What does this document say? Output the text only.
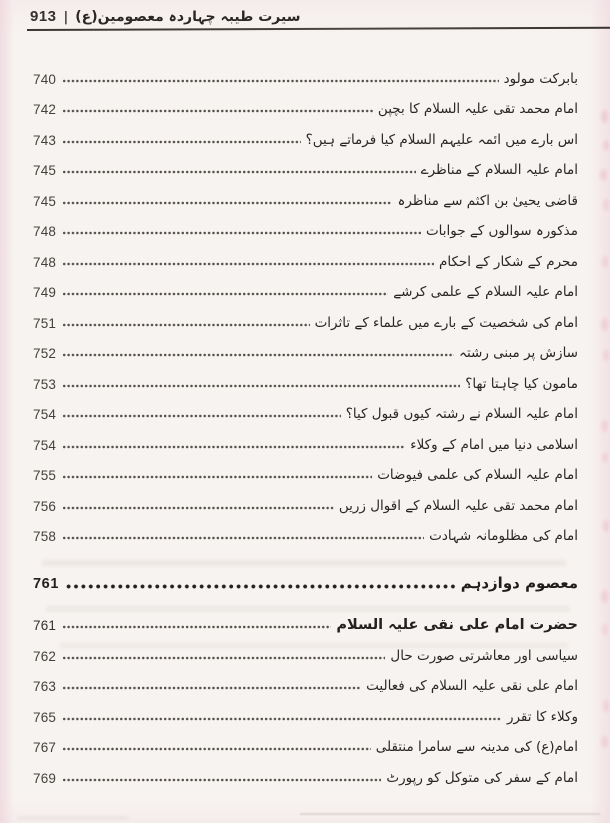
سیرت طیبہ چہاردہ معصومین(ع)
|
913
بابرکت مولود
740
امام محمد تقی علیہ السلام کا بچپن
742
اس بارے میں ائمہ علیہم السلام کیا فرماتے ہیں؟
743
امام علیہ السلام کے مناظرے
745
قاضی یحییٰ بن اکثم سے مناظرہ
745
مذکورہ سوالوں کے جوابات
748
محرم کے شکار کے احکام
748
امام علیہ السلام کے علمی کرشے
749
امام کی شخصیت کے بارے میں علماء کے تاثرات
751
سازش پر مبنی رشتہ
752
مامون کیا چاہتا تھا؟
753
امام علیہ السلام نے رشتہ کیوں قبول کیا؟
754
اسلامی دنیا میں امام کے وکلاء
754
امام علیہ السلام کی علمی فیوضات
755
امام محمد تقی علیہ السلام کے اقوال زریں
756
امام کی مظلومانہ شہادت
758
معصوم دوازدہم
761
حضرت امام علی نقی علیہ السلام
761
سیاسی اور معاشرتی صورت حال
762
امام علی نقی علیہ السلام کی فعالیت
763
وکلاء کا تقرر
765
امام(ع) کی مدینہ سے سامرا منتقلی
767
امام کے سفر کی متوکل کو رپورٹ
769
